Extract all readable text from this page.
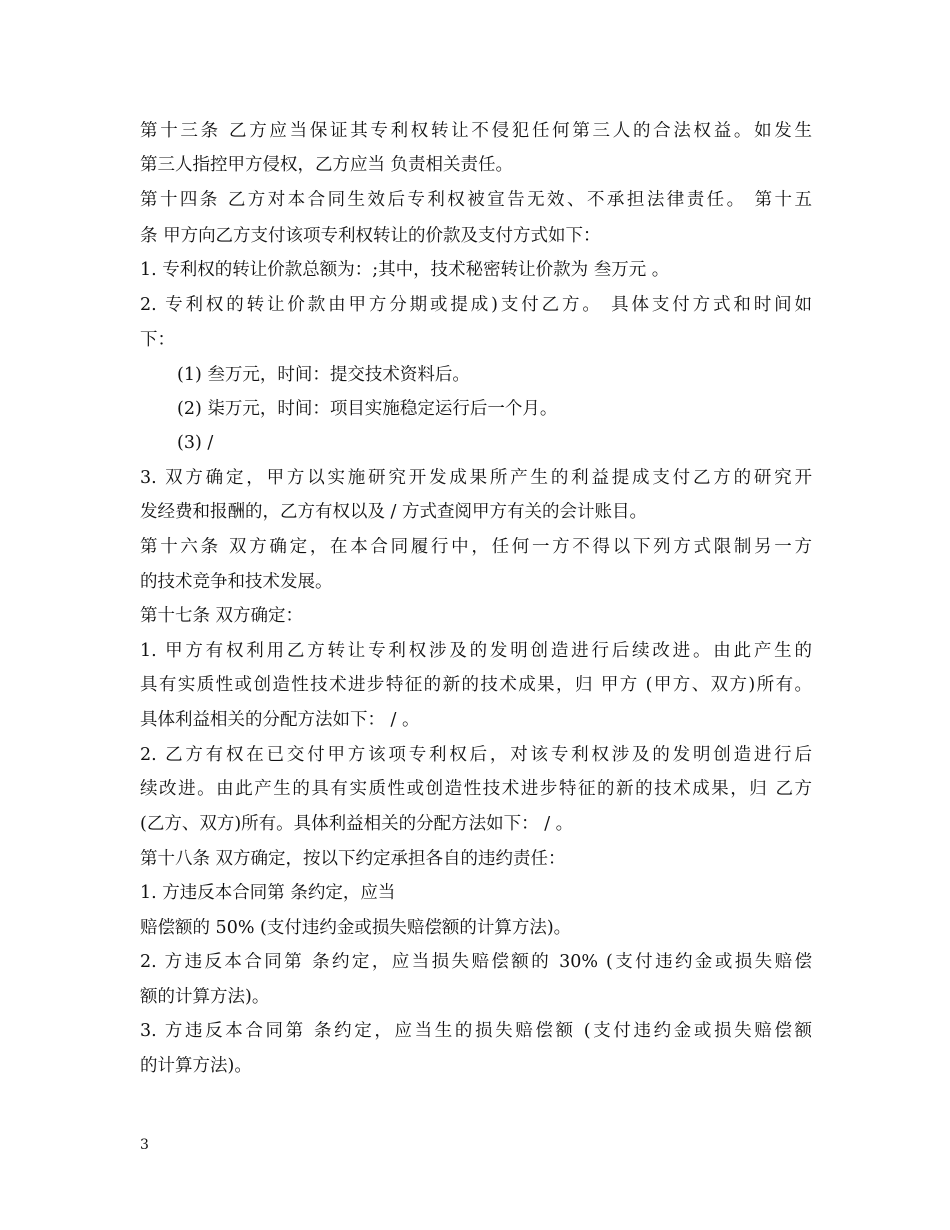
第十三条 乙方应当保证其专利权转让不侵犯任何第三人的合法权益。如发生
第三人指控甲方侵权，乙方应当 负责相关责任。
第十四条 乙方对本合同生效后专利权被宣告无效、不承担法律责任。 第十五
条 甲方向乙方支付该项专利权转让的价款及支付方式如下：
1. 专利权的转让价款总额为：;其中，技术秘密转让价款为 叁万元 。
2. 专利权的转让价款由甲方分期或提成)支付乙方。 具体支付方式和时间如
下：
(1) 叁万元，时间：提交技术资料后。
(2) 柒万元，时间：项目实施稳定运行后一个月。
(3) /
3. 双方确定，甲方以实施研究开发成果所产生的利益提成支付乙方的研究开
发经费和报酬的，乙方有权以及 / 方式查阅甲方有关的会计账目。
第十六条 双方确定，在本合同履行中，任何一方不得以下列方式限制另一方
的技术竞争和技术发展。
第十七条 双方确定：
1. 甲方有权利用乙方转让专利权涉及的发明创造进行后续改进。由此产生的
具有实质性或创造性技术进步特征的新的技术成果，归 甲方 (甲方、双方)所有。
具体利益相关的分配方法如下： / 。
2. 乙方有权在已交付甲方该项专利权后，对该专利权涉及的发明创造进行后
续改进。由此产生的具有实质性或创造性技术进步特征的新的技术成果，归 乙方
(乙方、双方)所有。具体利益相关的分配方法如下： / 。
第十八条 双方确定，按以下约定承担各自的违约责任：
1. 方违反本合同第 条约定，应当
赔偿额的 50% (支付违约金或损失赔偿额的计算方法)。
2. 方违反本合同第 条约定，应当损失赔偿额的 30% (支付违约金或损失赔偿
额的计算方法)。
3. 方违反本合同第 条约定，应当生的损失赔偿额 (支付违约金或损失赔偿额
的计算方法)。
3
